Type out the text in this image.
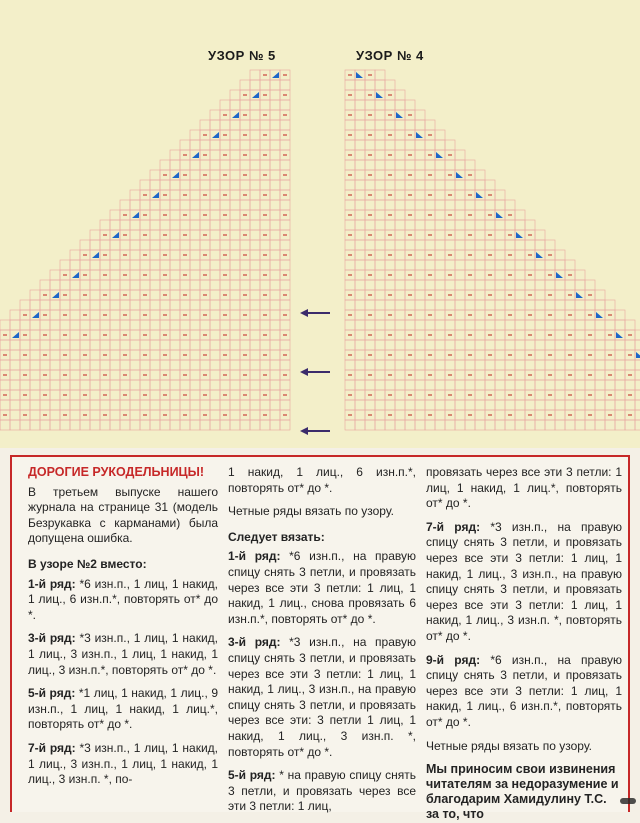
УЗОР № 5	УЗОР № 4
ДОРОГИЕ РУКОДЕЛЬНИЦЫ!

В третьем выпуске нашего журнала на странице 31 (модель Безрукавка с карманами) была допущена ошибка.

В узоре №2 вместо:

1-й ряд: *6 изн.п., 1 лиц, 1 накид, 1 лиц., 6 изн.п.*, повторять от* до *.

3-й ряд: *3 изн.п., 1 лиц, 1 накид, 1 лиц., 3 изн.п., 1 лиц, 1 накид, 1 лиц., 3 изн.п.*, повторять от* до *.

5-й ряд: *1 лиц, 1 накид, 1 лиц., 9 изн.п., 1 лиц, 1 накид, 1 лиц.*, повторять от* до *.

7-й ряд: *3 изн.п., 1 лиц, 1 накид, 1 лиц., 3 изн.п., 1 лиц, 1 накид, 1 лиц., 3 изн.п. *, по-

1 накид, 1 лиц., 6 изн.п.*, повторять от* до *.

Четные ряды вязать по узору.

Следует вязать:

1-й ряд: *6 изн.п., на правую спицу снять 3 петли, и провязать через все эти 3 петли: 1 лиц, 1 накид, 1 лиц., снова провязать 6 изн.п.*, повторять от* до *.

3-й ряд: *3 изн.п., на правую спицу снять 3 петли, и провязать через все эти 3 петли: 1 лиц, 1 накид, 1 лиц., 3 изн.п., на правую спицу снять 3 петли, и провязать через все эти: 3 петли 1 лиц, 1 накид, 1 лиц., 3 изн.п. *, повторять от* до *.

5-й ряд: * на правую спицу снять 3 петли, и провязать через все эти 3 петли: 1 лиц,

провязать через все эти 3 петли: 1 лиц, 1 накид, 1 лиц.*, повторять от* до *.

7-й ряд: *3 изн.п., на правую спицу снять 3 петли, и провязать через все эти 3 петли: 1 лиц, 1 накид, 1 лиц., 3 изн.п., на правую спицу снять 3 петли, и провязать через все эти 3 петли: 1 лиц, 1 накид, 1 лиц., 3 изн.п. *, повторять от* до *.

9-й ряд: *6 изн.п., на правую спицу снять 3 петли, и провязать через все эти 3 петли: 1 лиц, 1 накид, 1 лиц., 6 изн.п.*, повторять от* до *.

Четные ряды вязать по узору.

Мы приносим свои извинения читателям за недоразумение и благодарим Хамидулину Т.С. за то, что
